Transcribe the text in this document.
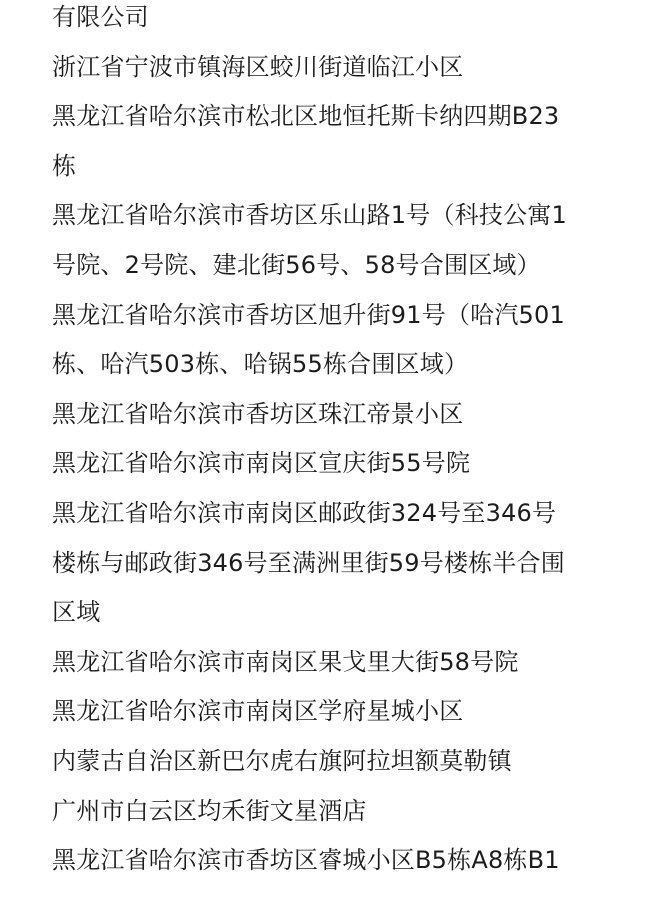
有限公司
浙江省宁波市镇海区蛟川街道临江小区
黑龙江省哈尔滨市松北区地恒托斯卡纳四期B23
栋
黑龙江省哈尔滨市香坊区乐山路1号（科技公寓1
号院、2号院、建北街56号、58号合围区域）
黑龙江省哈尔滨市香坊区旭升街91号（哈汽501
栋、哈汽503栋、哈锅55栋合围区域）
黑龙江省哈尔滨市香坊区珠江帝景小区
黑龙江省哈尔滨市南岗区宣庆街55号院
黑龙江省哈尔滨市南岗区邮政街324号至346号
楼栋与邮政街346号至满洲里街59号楼栋半合围
区域
黑龙江省哈尔滨市南岗区果戈里大街58号院
黑龙江省哈尔滨市南岗区学府星城小区
内蒙古自治区新巴尔虎右旗阿拉坦额莫勒镇
广州市白云区均禾街文星酒店
黑龙江省哈尔滨市香坊区睿城小区B5栋A8栋B1
